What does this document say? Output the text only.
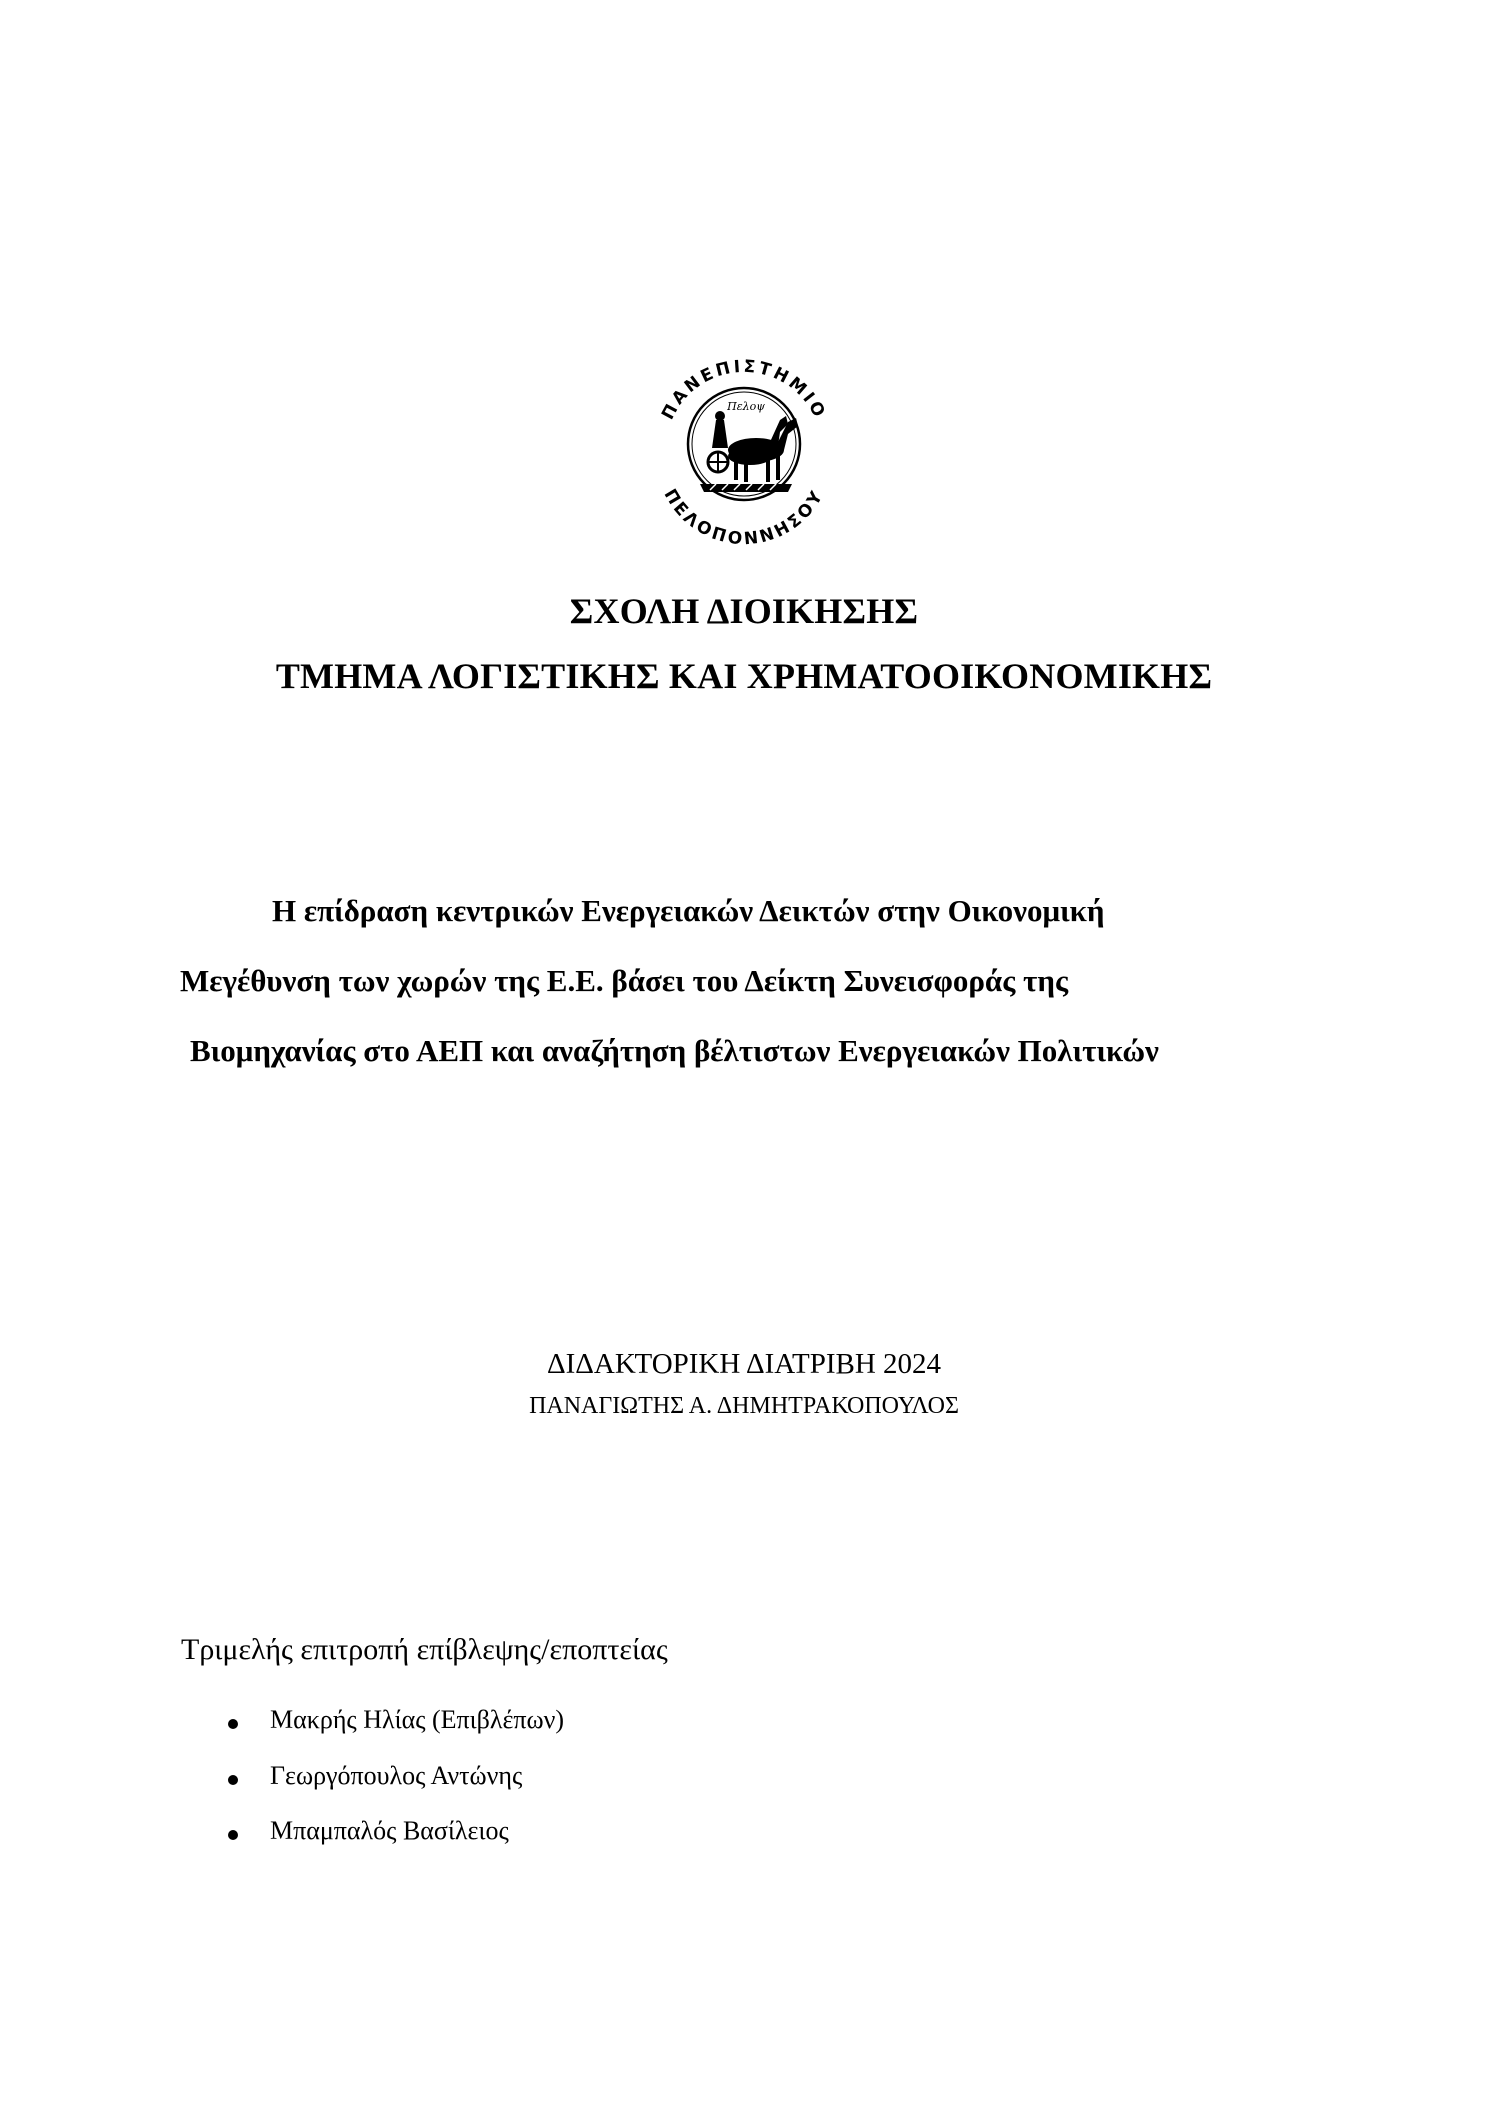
ΠΑΝΕΠΙΣΤΗΜΙΟ
ΠΕΛΟΠΟΝΝΗΣΟΥ
Πελοψ
ΣΧΟΛΗ ΔΙΟΙΚΗΣΗΣ
ΤΜΗΜΑ ΛΟΓΙΣΤΙΚΗΣ ΚΑΙ ΧΡΗΜΑΤΟΟΙΚΟΝΟΜΙΚΗΣ
Η επίδραση κεντρικών Ενεργειακών Δεικτών στην Οικονομική
Μεγέθυνση των χωρών της Ε.Ε. βάσει του Δείκτη Συνεισφοράς της
Βιομηχανίας στο ΑΕΠ και αναζήτηση βέλτιστων Ενεργειακών Πολιτικών
ΔΙΔΑΚΤΟΡΙΚΗ ΔΙΑΤΡΙΒΗ 2024
ΠΑΝΑΓΙΩΤΗΣ Α. ΔΗΜΗΤΡΑΚΟΠΟΥΛΟΣ
Τριμελής επιτροπή επίβλεψης/εποπτείας
Μακρής Ηλίας (Επιβλέπων)
Γεωργόπουλος Αντώνης
Μπαμπαλός Βασίλειος
